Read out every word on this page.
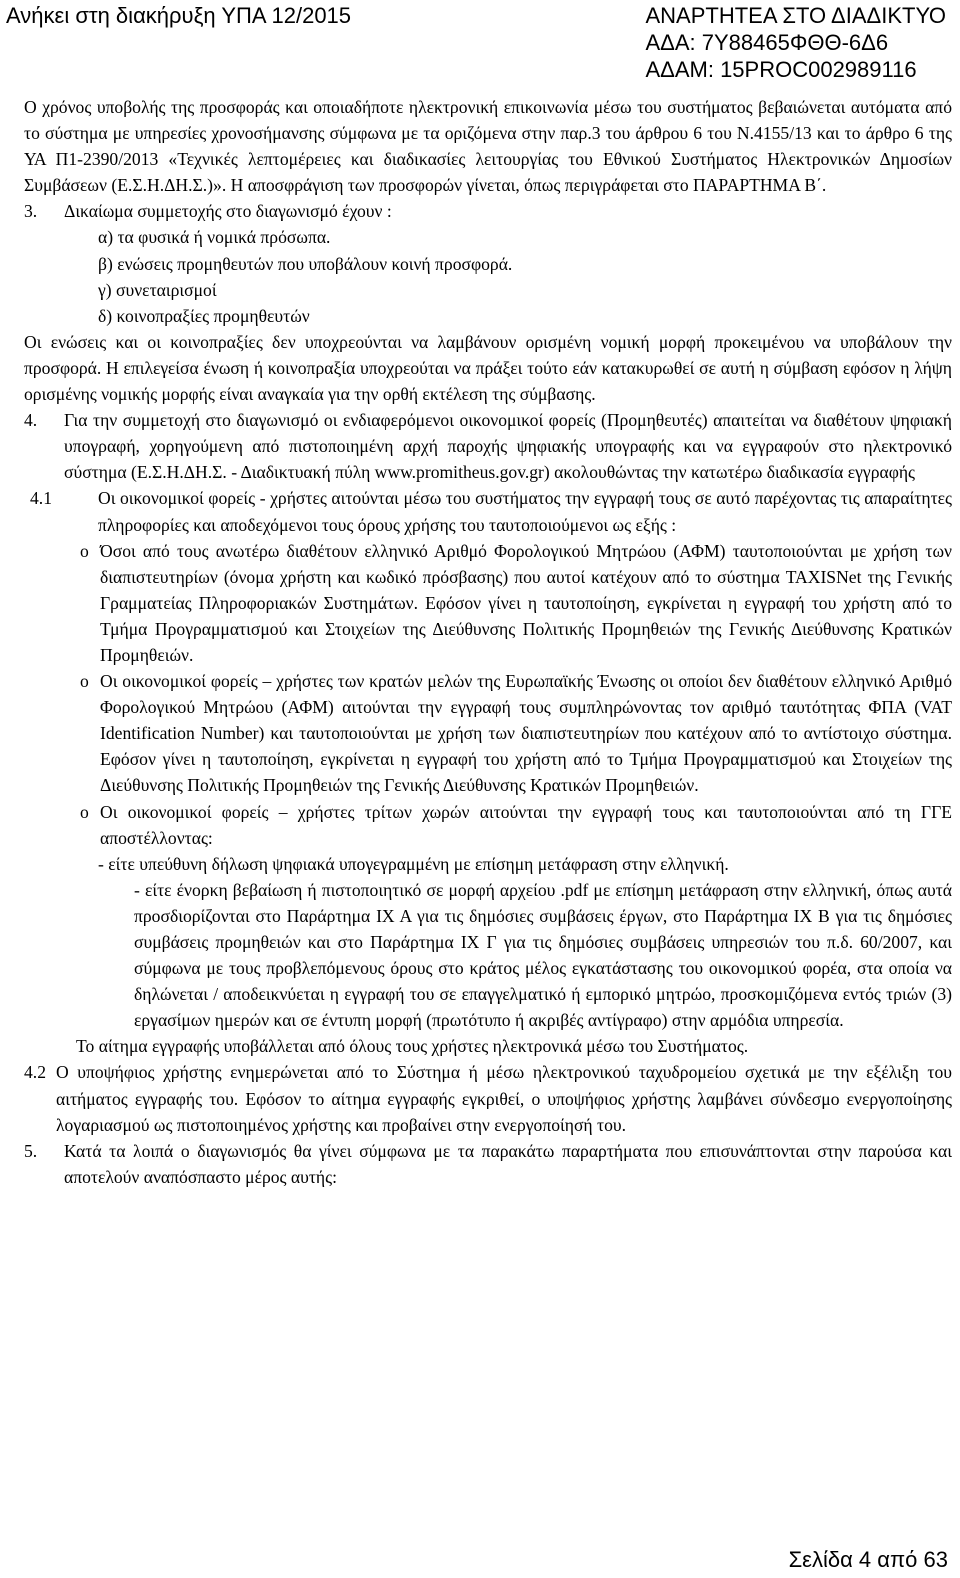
Ανήκει στη διακήρυξη ΥΠΑ 12/2015	ΑΝΑΡΤΗΤΕΑ ΣΤΟ ΔΙΑΔΙΚΤΥΟ
ΑΔΑ: 7Υ88465ΦΘΘ-6Δ6
ΑΔΑΜ: 15PROC002989116

Ο χρόνος υποβολής της προσφοράς και οποιαδήποτε ηλεκτρονική επικοινωνία μέσω του συστήματος βεβαιώνεται αυτόματα από το σύστημα με υπηρεσίες χρονοσήμανσης σύμφωνα με τα οριζόμενα στην παρ.3 του άρθρου 6 του Ν.4155/13 και το άρθρο 6 της ΥΑ Π1-2390/2013 «Τεχνικές λεπτομέρειες και διαδικασίες λειτουργίας του Εθνικού Συστήματος Ηλεκτρονικών Δημοσίων Συμβάσεων (Ε.Σ.Η.ΔΗ.Σ.)». Η αποσφράγιση των προσφορών γίνεται, όπως περιγράφεται στο ΠΑΡΑΡΤΗΜΑ Β΄.

3.	Δικαίωμα συμμετοχής στο διαγωνισμό έχουν :
α) τα φυσικά ή νομικά πρόσωπα.
β) ενώσεις προμηθευτών που υποβάλουν κοινή προσφορά.
γ) συνεταιρισμοί
δ) κοινοπραξίες προμηθευτών

Οι ενώσεις και οι κοινοπραξίες δεν υποχρεούνται να λαμβάνουν ορισμένη νομική μορφή προκειμένου να υποβάλουν την προσφορά. Η επιλεγείσα ένωση ή κοινοπραξία υποχρεούται να πράξει τούτο εάν κατακυρωθεί σε αυτή η σύμβαση εφόσον η λήψη ορισμένης νομικής μορφής είναι αναγκαία για την ορθή εκτέλεση της σύμβασης.

4.	Για την συμμετοχή στο διαγωνισμό οι ενδιαφερόμενοι οικονομικοί φορείς (Προμηθευτές) απαιτείται να διαθέτουν ψηφιακή υπογραφή, χορηγούμενη από πιστοποιημένη αρχή παροχής ψηφιακής υπογραφής και να εγγραφούν στο ηλεκτρονικό σύστημα (Ε.Σ.Η.ΔΗ.Σ. - Διαδικτυακή πύλη www.promitheus.gov.gr) ακολουθώντας την κατωτέρω διαδικασία εγγραφής
4.1	Οι οικονομικοί φορείς - χρήστες αιτούνται μέσω του συστήματος την εγγραφή τους σε αυτό παρέχοντας τις απαραίτητες πληροφορίες και αποδεχόμενοι τους όρους χρήσης του ταυτοποιούμενοι ως εξής :
o Όσοι από τους ανωτέρω διαθέτουν ελληνικό Αριθμό Φορολογικού Μητρώου (ΑΦΜ) ταυτοποιούνται με χρήση των διαπιστευτηρίων (όνομα χρήστη και κωδικό πρόσβασης) που αυτοί κατέχουν από το σύστημα TAXISNet της Γενικής Γραμματείας Πληροφοριακών Συστημάτων. Εφόσον γίνει η ταυτοποίηση, εγκρίνεται η εγγραφή του χρήστη από το Τμήμα Προγραμματισμού και Στοιχείων της Διεύθυνσης Πολιτικής Προμηθειών της Γενικής Διεύθυνσης Κρατικών Προμηθειών.
o Οι οικονομικοί φορείς – χρήστες των κρατών μελών της Ευρωπαϊκής Ένωσης οι οποίοι δεν διαθέτουν ελληνικό Αριθμό Φορολογικού Μητρώου (ΑΦΜ) αιτούνται την εγγραφή τους συμπληρώνοντας τον αριθμό ταυτότητας ΦΠΑ (VAT Identification Number) και ταυτοποιούνται με χρήση των διαπιστευτηρίων που κατέχουν από το αντίστοιχο σύστημα. Εφόσον γίνει η ταυτοποίηση, εγκρίνεται η εγγραφή του χρήστη από το Τμήμα Προγραμματισμού και Στοιχείων της Διεύθυνσης Πολιτικής Προμηθειών της Γενικής Διεύθυνσης Κρατικών Προμηθειών.
o Οι οικονομικοί φορείς – χρήστες τρίτων χωρών αιτούνται την εγγραφή τους και ταυτοποιούνται από τη ΓΓΕ αποστέλλοντας:

- είτε υπεύθυνη δήλωση ψηφιακά υπογεγραμμένη με επίσημη μετάφραση στην ελληνική.

- είτε ένορκη βεβαίωση ή πιστοποιητικό σε μορφή αρχείου .pdf με επίσημη μετάφραση στην ελληνική, όπως αυτά προσδιορίζονται στο Παράρτημα ΙΧ Α για τις δημόσιες συμβάσεις έργων, στο Παράρτημα ΙΧ Β για τις δημόσιες συμβάσεις προμηθειών και στο Παράρτημα ΙΧ Γ για τις δημόσιες συμβάσεις υπηρεσιών του π.δ. 60/2007, και σύμφωνα με τους προβλεπόμενους όρους στο κράτος μέλος εγκατάστασης του οικονομικού φορέα, στα οποία να δηλώνεται / αποδεικνύεται η εγγραφή του σε επαγγελματικό ή εμπορικό μητρώο, προσκομιζόμενα εντός τριών (3) εργασίμων ημερών και σε έντυπη μορφή (πρωτότυπο ή ακριβές αντίγραφο) στην αρμόδια υπηρεσία.

Το αίτημα εγγραφής υποβάλλεται από όλους τους χρήστες ηλεκτρονικά μέσω του Συστήματος.

4.2 Ο υποψήφιος χρήστης ενημερώνεται από το Σύστημα ή μέσω ηλεκτρονικού ταχυδρομείου σχετικά με την εξέλιξη του αιτήματος εγγραφής του. Εφόσον το αίτημα εγγραφής εγκριθεί, ο υποψήφιος χρήστης λαμβάνει σύνδεσμο ενεργοποίησης λογαριασμού ως πιστοποιημένος χρήστης και προβαίνει στην ενεργοποίησή του.
5.	Κατά τα λοιπά ο διαγωνισμός θα γίνει σύμφωνα με τα παρακάτω παραρτήματα που επισυνάπτονται στην παρούσα και αποτελούν αναπόσπαστο μέρος αυτής:
Σελίδα 4 από 63
